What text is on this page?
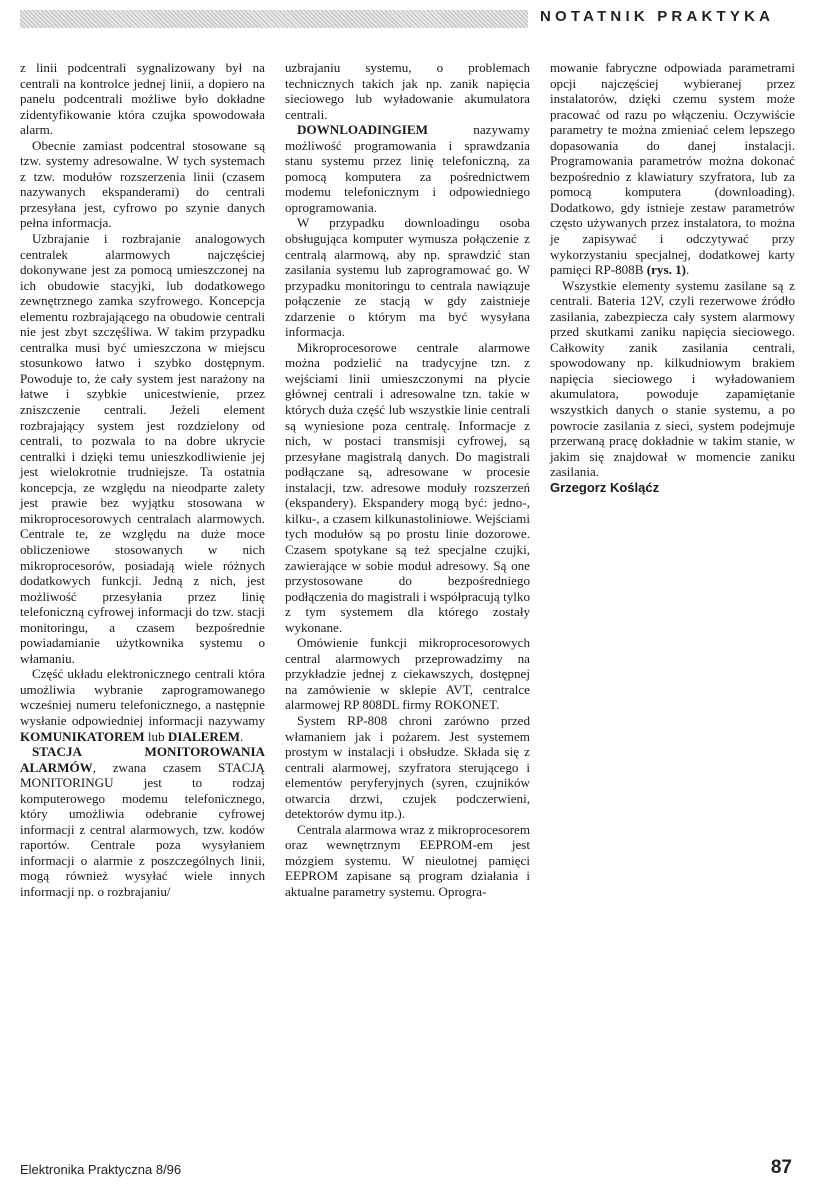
NOTATNIK PRAKTYKA

z linii podcentrali sygnalizowany był na centrali na kontrolce jednej linii, a dopiero na panelu podcentrali możliwe było dokładne zidentyfikowanie która czujka spowodowała alarm.

Obecnie zamiast podcentral stosowane są tzw. systemy adresowalne. W tych systemach z tzw. modułów rozszerzenia linii (czasem nazywanych ekspanderami) do centrali przesyłana jest, cyfrowo po szynie danych pełna informacja.

Uzbrajanie i rozbrajanie analogowych centralek alarmowych najczęściej dokonywane jest za pomocą umieszczonej na ich obudowie stacyjki, lub dodatkowego zewnętrznego zamka szyfrowego. Koncepcja elementu rozbrajającego na obudowie centrali nie jest zbyt szczęśliwa. W takim przypadku centralka musi być umieszczona w miejscu stosunkowo łatwo i szybko dostępnym. Powoduje to, że cały system jest narażony na łatwe i szybkie unicestwienie, przez zniszczenie centrali. Jeżeli element rozbrajający system jest rozdzielony od centrali, to pozwala to na dobre ukrycie centralki i dzięki temu unieszkodliwienie jej jest wielokrotnie trudniejsze. Ta ostatnia koncepcja, ze względu na nieodparte zalety jest prawie bez wyjątku stosowana w mikroprocesorowych centralach alarmowych. Centrale te, ze względu na duże moce obliczeniowe stosowanych w nich mikroprocesorów, posiadają wiele różnych dodatkowych funkcji. Jedną z nich, jest możliwość przesyłania przez linię telefoniczną cyfrowej informacji do tzw. stacji monitoringu, a czasem bezpośrednie powiadamianie użytkownika systemu o włamaniu.

Część układu elektronicznego centrali która umożliwia wybranie zaprogramowanego wcześniej numeru telefonicznego, a następnie wysłanie odpowiedniej informacji nazywamy KOMUNIKATOREM lub DIALEREM.

STACJA MONITOROWANIA ALARMÓW, zwana czasem STACJĄ MONITORINGU jest to rodzaj komputerowego modemu telefonicznego, który umożliwia odebranie cyfrowej informacji z central alarmowych, tzw. kodów raportów. Centrale poza wysyłaniem informacji o alarmie z poszczególnych linii, mogą również wysyłać wiele innych informacji np. o rozbrajaniu/

uzbrajaniu systemu, o problemach technicznych takich jak np. zanik napięcia sieciowego lub wyładowanie akumulatora centrali.

DOWNLOADINGIEM nazywamy możliwość programowania i sprawdzania stanu systemu przez linię telefoniczną, za pomocą komputera za pośrednictwem modemu telefonicznym i odpowiedniego oprogramowania.

W przypadku downloadingu osoba obsługująca komputer wymusza połączenie z centralą alarmową, aby np. sprawdzić stan zasilania systemu lub zaprogramować go. W przypadku monitoringu to centrala nawiązuje połączenie ze stacją w gdy zaistnieje zdarzenie o którym ma być wysyłana informacja.

Mikroprocesorowe centrale alarmowe można podzielić na tradycyjne tzn. z wejściami linii umieszczonymi na płycie głównej centrali i adresowalne tzn. takie w których duża część lub wszystkie linie centrali są wyniesione poza centralę. Informacje z nich, w postaci transmisji cyfrowej, są przesyłane magistralą danych. Do magistrali podłączane są, adresowane w procesie instalacji, tzw. adresowe moduły rozszerzeń (ekspandery). Ekspandery mogą być: jedno-, kilku-, a czasem kilkunastoliniowe. Wejściami tych modułów są po prostu linie dozorowe. Czasem spotykane są też specjalne czujki, zawierające w sobie moduł adresowy. Są one przystosowane do bezpośredniego podłączenia do magistrali i współpracują tylko z tym systemem dla którego zostały wykonane.

Omówienie funkcji mikroprocesorowych central alarmowych przeprowadzimy na przykładzie jednej z ciekawszych, dostępnej na zamówienie w sklepie AVT, centralce alarmowej RP 808DL firmy ROKONET.

System RP-808 chroni zarówno przed włamaniem jak i pożarem. Jest systemem prostym w instalacji i obsłudze. Składa się z centrali alarmowej, szyfratora sterującego i elementów peryferyjnych (syren, czujników otwarcia drzwi, czujek podczerwieni, detektorów dymu itp.).

Centrala alarmowa wraz z mikroprocesorem oraz wewnętrznym EEPROM-em jest mózgiem systemu. W nieulotnej pamięci EEPROM zapisane są program działania i aktualne parametry systemu. Oprogra-

mowanie fabryczne odpowiada parametrami opcji najczęściej wybieranej przez instalatorów, dzięki czemu system może pracować od razu po włączeniu. Oczywiście parametry te można zmieniać celem lepszego dopasowania do danej instalacji. Programowania parametrów można dokonać bezpośrednio z klawiatury szyfratora, lub za pomocą komputera (downloading). Dodatkowo, gdy istnieje zestaw parametrów często używanych przez instalatora, to można je zapisywać i odczytywać przy wykorzystaniu specjalnej, dodatkowej karty pamięci RP-808B (rys. 1).

Wszystkie elementy systemu zasilane są z centrali. Bateria 12V, czyli rezerwowe źródło zasilania, zabezpiecza cały system alarmowy przed skutkami zaniku napięcia sieciowego. Całkowity zanik zasilania centrali, spowodowany np. kilkudniowym brakiem napięcia sieciowego i wyładowaniem akumulatora, powoduje zapamiętanie wszystkich danych o stanie systemu, a po powrocie zasilania z sieci, system podejmuje przerwaną pracę dokładnie w takim stanie, w jakim się znajdował w momencie zaniku zasilania.

Grzegorz Kośląćz

Elektronika Praktyczna 8/96	87
